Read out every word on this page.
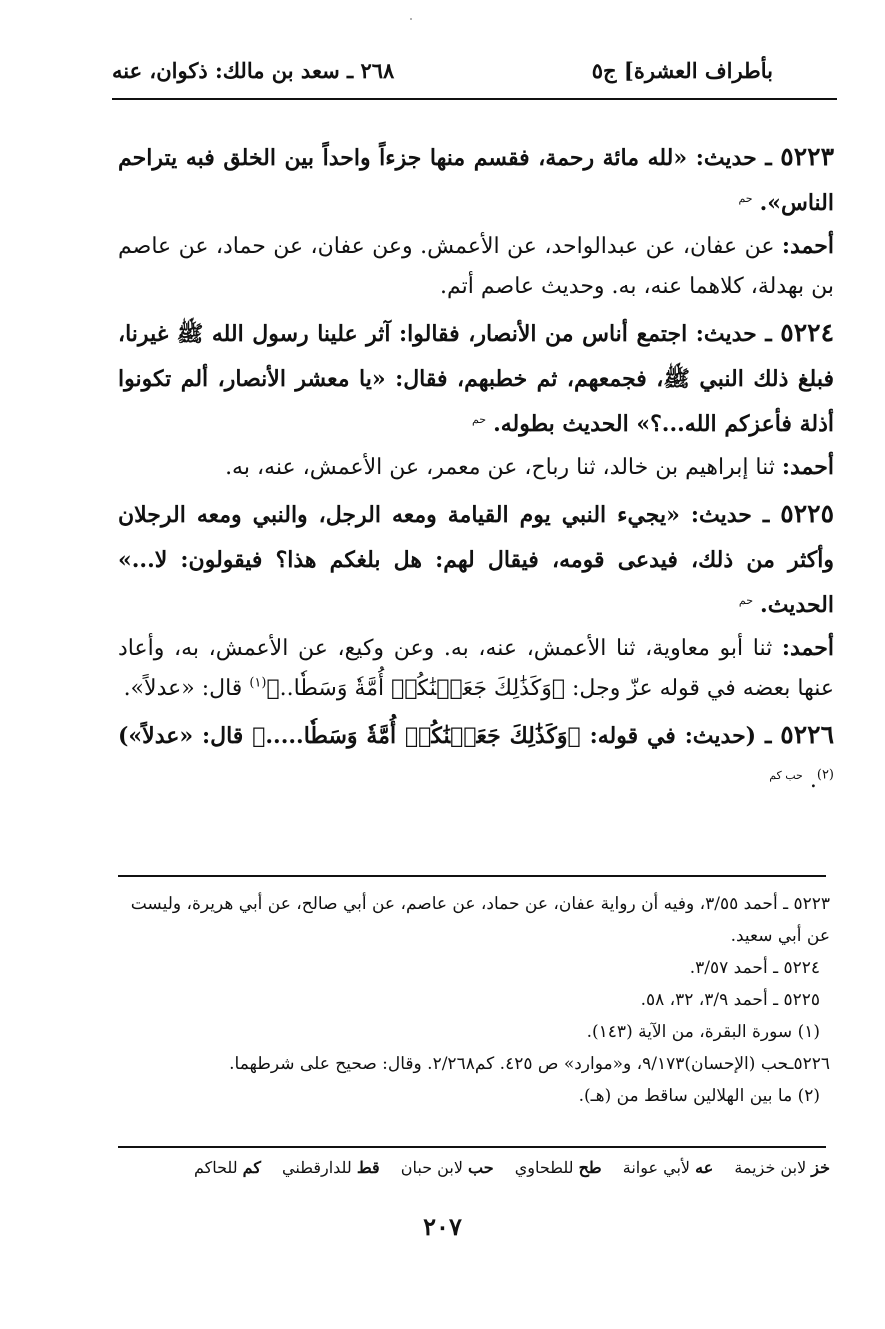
بأطراف العشرة] ج٥
٢٦٨ ـ سعد بن مالك: ذكوان، عنه

٥٢٢٣ ـ حديث: «لله مائة رحمة، فقسم منها جزءاً واحداً بين الخلق فبه يتراحم الناس». حم

أحمد: عن عفان، عن عبدالواحد، عن الأعمش. وعن عفان، عن حماد، عن عاصم بن بهدلة، كلاهما عنه، به. وحديث عاصم أتم.

٥٢٢٤ ـ حديث: اجتمع أناس من الأنصار، فقالوا: آثر علينا رسول الله ﷺ غيرنا، فبلغ ذلك النبي ﷺ، فجمعهم، ثم خطبهم، فقال: «يا معشر الأنصار، ألم تكونوا أذلة فأعزكم الله...؟» الحديث بطوله. حم

أحمد: ثنا إبراهيم بن خالد، ثنا رباح، عن معمر، عن الأعمش، عنه، به.

٥٢٢٥ ـ حديث: «يجيء النبي يوم القيامة ومعه الرجل، والنبي ومعه الرجلان وأكثر من ذلك، فيدعى قومه، فيقال لهم: هل بلغكم هذا؟ فيقولون: لا...» الحديث. حم

أحمد: ثنا أبو معاوية، ثنا الأعمش، عنه، به. وعن وكيع، عن الأعمش، به، وأعاد عنها بعضه في قوله عزّ وجل: ﴿وَكَذَٰلِكَ جَعَلۡنَٰكُمۡ أُمَّةٗ وَسَطٗا..﴾$^{(١)}$ قال: «عدلاً».

٥٢٢٦ ـ (حديث: في قوله: ﴿وَكَذَٰلِكَ جَعَلۡنَٰكُمۡ أُمَّةٗ وَسَطٗا.....﴾ قال: «عدلاً»)$^{(٢)}$. حب كم

٥٢٢٣ ـ أحمد ٣/٥٥، وفيه أن رواية عفان، عن حماد، عن عاصم، عن أبي صالح، عن أبي هريرة، وليست عن أبي سعيد.

٥٢٢٤ ـ أحمد ٣/٥٧.

٥٢٢٥ ـ أحمد ٣/٩، ٣٢، ٥٨.

(١) سورة البقرة، من الآية (١٤٣).

٥٢٢٦ـحب (الإحسان)٩/١٧٣، و«موارد» ص ٤٢٥. كم٢/٢٦٨. وقال: صحيح على شرطهما.

(٢) ما بين الهلالين ساقط من (هـ).

خز لابن خزيمة عه لأبي عوانة طح للطحاوي حب لابن حبان قط للدارقطني كم للحاكم
٢٠٧
